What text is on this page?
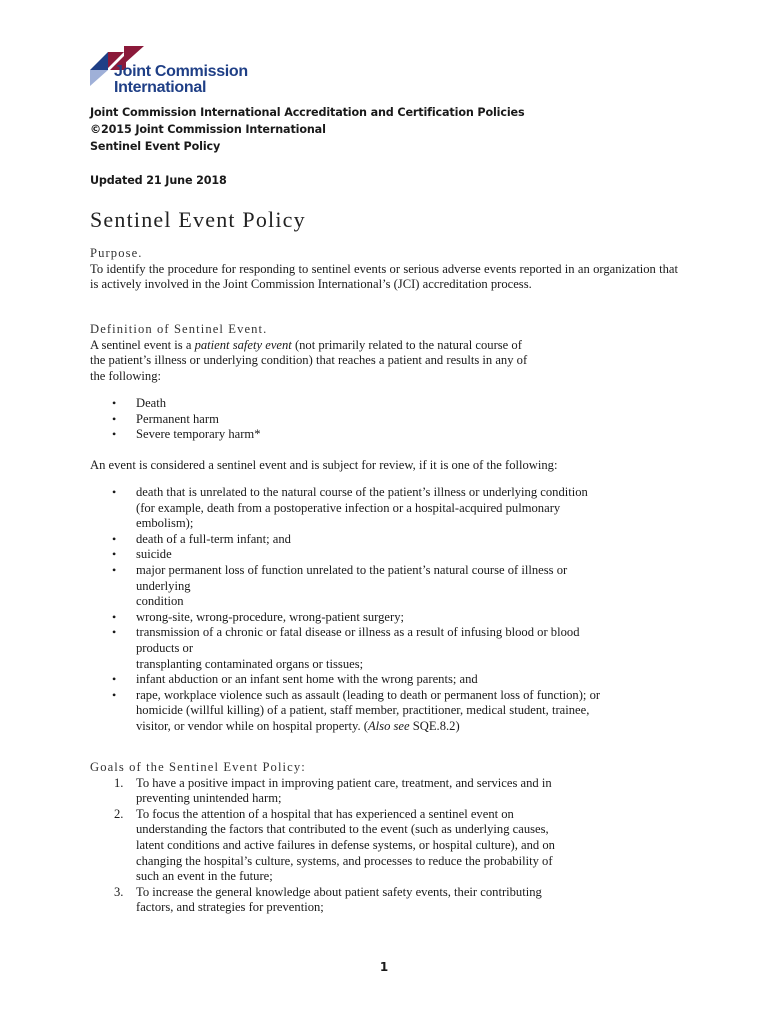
Joint Commission
International
Joint Commission International Accreditation and Certification Policies
©2015 Joint Commission International
Sentinel Event Policy
Updated 21 June 2018
Sentinel Event Policy
Purpose.
To identify the procedure for responding to sentinel events or serious adverse events reported in an organization that is actively involved in the Joint Commission International’s (JCI) accreditation process.
Definition of Sentinel Event.
A sentinel event is a patient safety event (not primarily related to the natural course of
the patient’s illness or underlying condition) that reaches a patient and results in any of
the following:
• Death
• Permanent harm
• Severe temporary harm*
An event is considered a sentinel event and is subject for review, if it is one of the following:
• death that is unrelated to the natural course of the patient’s illness or underlying condition
(for example, death from a postoperative infection or a hospital-acquired pulmonary
embolism);
• death of a full-term infant; and
• suicide
• major permanent loss of function unrelated to the patient’s natural course of illness or
underlying
condition
• wrong-site, wrong-procedure, wrong-patient surgery;
• transmission of a chronic or fatal disease or illness as a result of infusing blood or blood
products or
transplanting contaminated organs or tissues;
• infant abduction or an infant sent home with the wrong parents; and
• rape, workplace violence such as assault (leading to death or permanent loss of function); or
homicide (willful killing) of a patient, staff member, practitioner, medical student, trainee,
visitor, or vendor while on hospital property. (Also see SQE.8.2)
Goals of the Sentinel Event Policy:
1. To have a positive impact in improving patient care, treatment, and services and in
preventing unintended harm;
2. To focus the attention of a hospital that has experienced a sentinel event on
understanding the factors that contributed to the event (such as underlying causes,
latent conditions and active failures in defense systems, or hospital culture), and on
changing the hospital’s culture, systems, and processes to reduce the probability of
such an event in the future;
3. To increase the general knowledge about patient safety events, their contributing
factors, and strategies for prevention;
1
